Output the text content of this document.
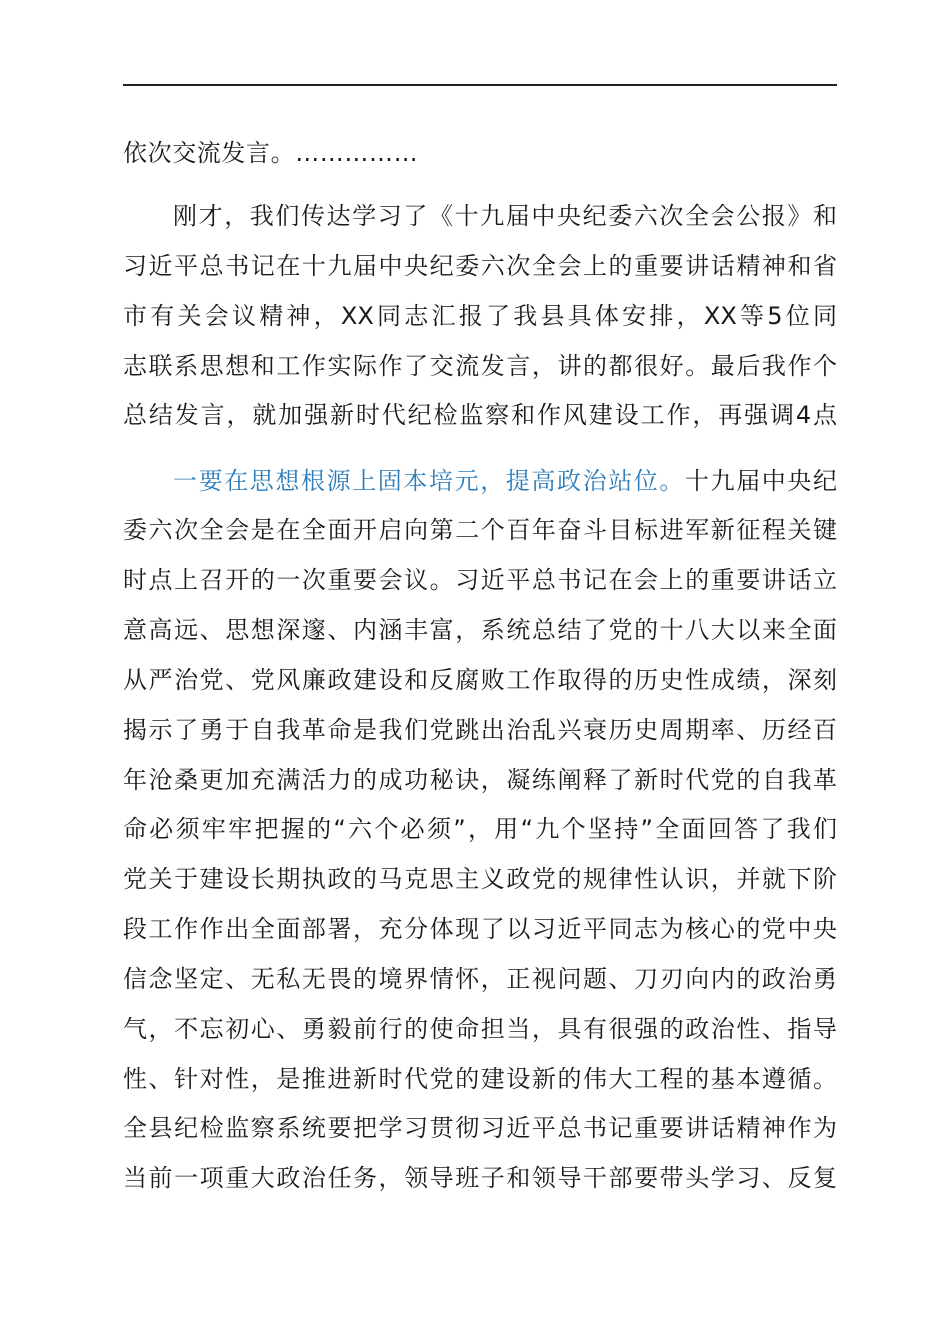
依次交流发言。……………
刚才，我们传达学习了《十九届中央纪委六次全会公报》和
习近平总书记在十九届中央纪委六次全会上的重要讲话精神和省
市有关会议精神，XX同志汇报了我县具体安排，XX等5位同
志联系思想和工作实际作了交流发言，讲的都很好。最后我作个
总结发言，就加强新时代纪检监察和作风建设工作，再强调4点
一要在思想根源上固本培元，提高政治站位。十九届中央纪
委六次全会是在全面开启向第二个百年奋斗目标进军新征程关键
时点上召开的一次重要会议。习近平总书记在会上的重要讲话立
意高远、思想深邃、内涵丰富，系统总结了党的十八大以来全面
从严治党、党风廉政建设和反腐败工作取得的历史性成绩，深刻
揭示了勇于自我革命是我们党跳出治乱兴衰历史周期率、历经百
年沧桑更加充满活力的成功秘诀，凝练阐释了新时代党的自我革
命必须牢牢把握的“六个必须”，用“九个坚持”全面回答了我们
党关于建设长期执政的马克思主义政党的规律性认识，并就下阶
段工作作出全面部署，充分体现了以习近平同志为核心的党中央
信念坚定、无私无畏的境界情怀，正视问题、刀刃向内的政治勇
气，不忘初心、勇毅前行的使命担当，具有很强的政治性、指导
性、针对性，是推进新时代党的建设新的伟大工程的基本遵循。
全县纪检监察系统要把学习贯彻习近平总书记重要讲话精神作为
当前一项重大政治任务，领导班子和领导干部要带头学习、反复
